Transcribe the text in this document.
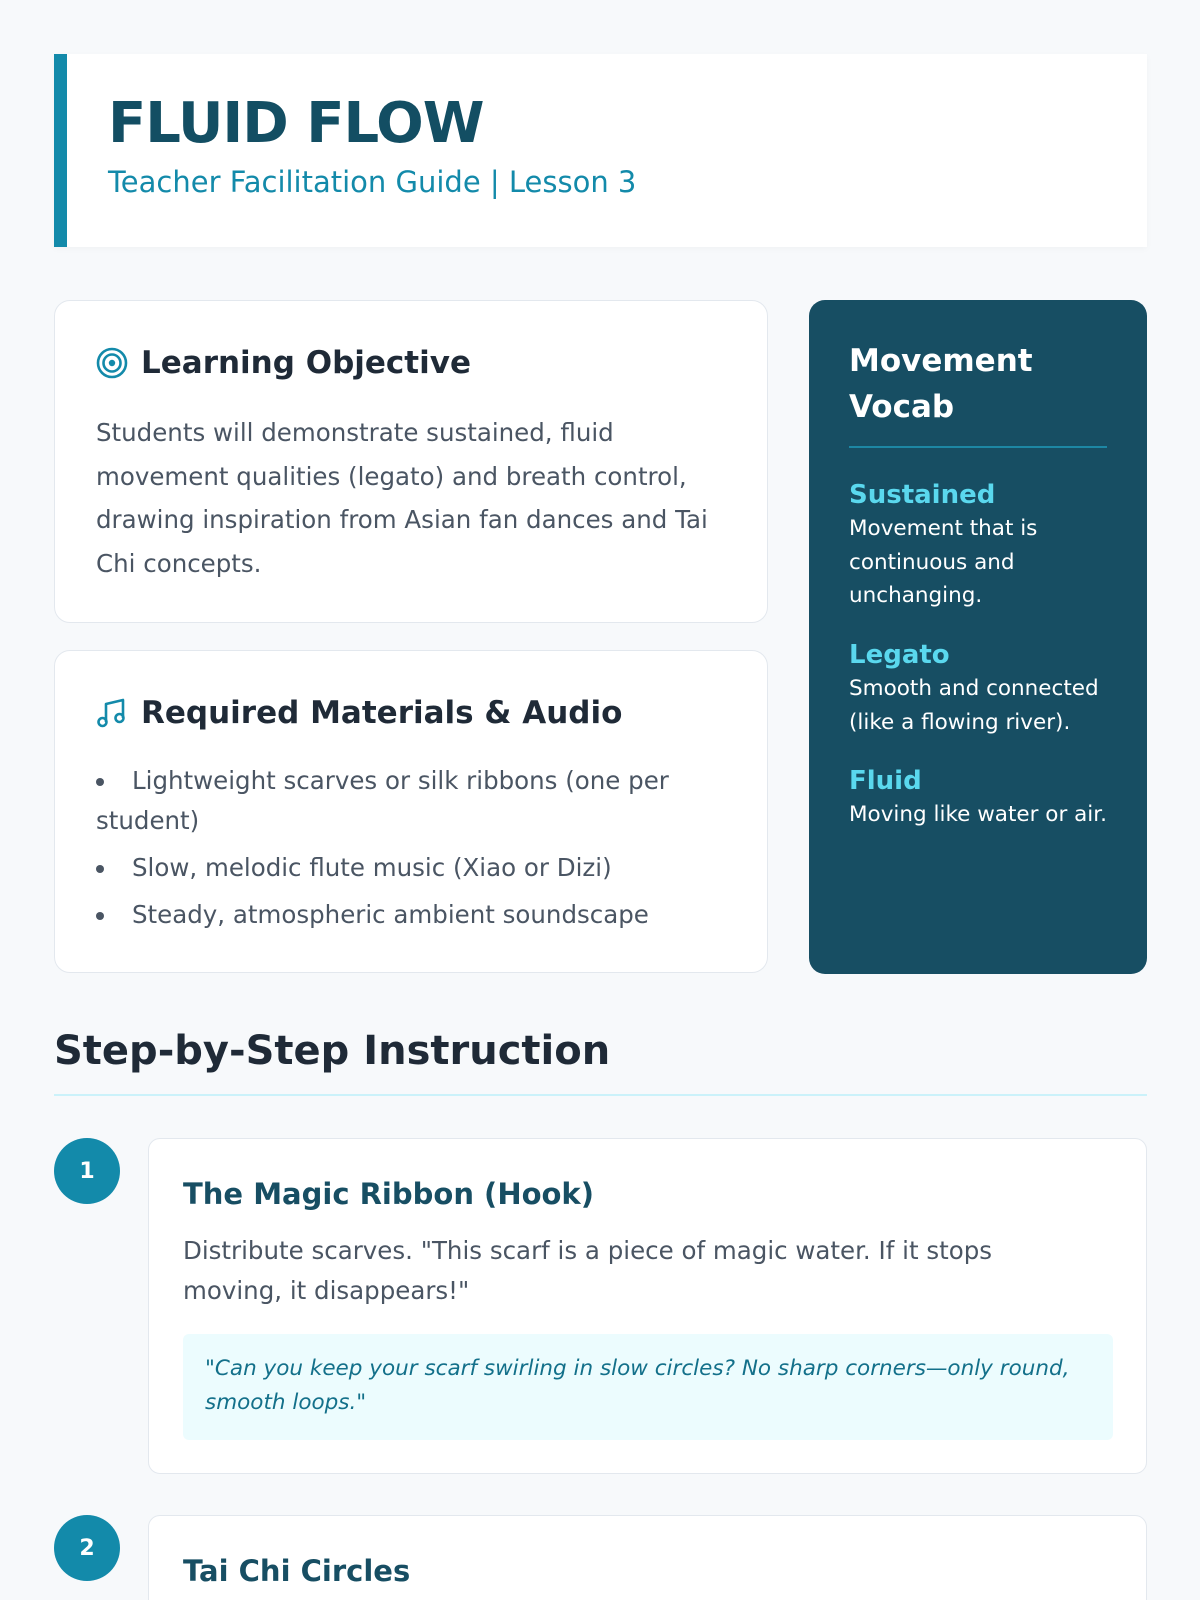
FLUID FLOW
Teacher Facilitation Guide | Lesson 3
Learning Objective

Students will demonstrate sustained, fluid movement qualities (legato) and breath control, drawing inspiration from Asian fan dances and Tai Chi concepts.

Required Materials & Audio
Lightweight scarves or silk ribbons (one per student)
Slow, melodic flute music (Xiao or Dizi)
Steady, atmospheric ambient soundscape
Movement Vocab
Sustained
Movement that is continuous and unchanging.
Legato
Smooth and connected (like a flowing river).
Fluid
Moving like water or air.
Step-by-Step Instruction
1
The Magic Ribbon (Hook)
Distribute scarves. "This scarf is a piece of magic water. If it stops moving, it disappears!"
"Can you keep your scarf swirling in slow circles? No sharp corners—only round, smooth loops."
2
Tai Chi Circles
